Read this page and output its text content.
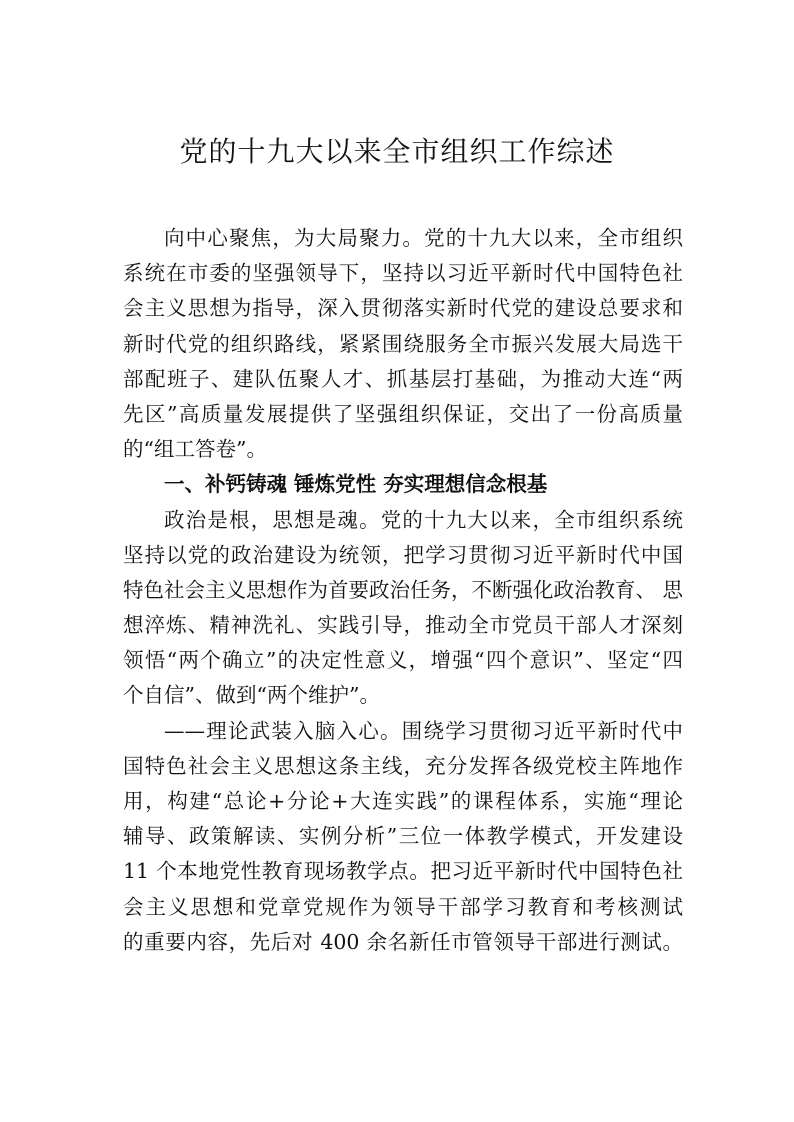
党的十九大以来全市组织工作综述
向中心聚焦，为大局聚力。党的十九大以来，全市组织
系统在市委的坚强领导下，坚持以习近平新时代中国特色社
会主义思想为指导，深入贯彻落实新时代党的建设总要求和
新时代党的组织路线，紧紧围绕服务全市振兴发展大局选干
部配班子、建队伍聚人才、抓基层打基础，为推动大连“两
先区”高质量发展提供了坚强组织保证，交出了一份高质量
的“组工答卷”。
一、补钙铸魂 锤炼党性 夯实理想信念根基
政治是根，思想是魂。党的十九大以来，全市组织系统
坚持以党的政治建设为统领，把学习贯彻习近平新时代中国
特色社会主义思想作为首要政治任务，不断强化政治教育、 思
想淬炼、精神洗礼、实践引导，推动全市党员干部人才深刻
领悟“两个确立”的决定性意义，增强“四个意识”、坚定“四
个自信”、做到“两个维护”。
——理论武装入脑入心。围绕学习贯彻习近平新时代中
国特色社会主义思想这条主线，充分发挥各级党校主阵地作
用，构建“总论+分论+大连实践”的课程体系，实施“理论
辅导、政策解读、实例分析”三位一体教学模式，开发建设
11 个本地党性教育现场教学点。把习近平新时代中国特色社
会主义思想和党章党规作为领导干部学习教育和考核测试
的重要内容，先后对 400 余名新任市管领导干部进行测试。
